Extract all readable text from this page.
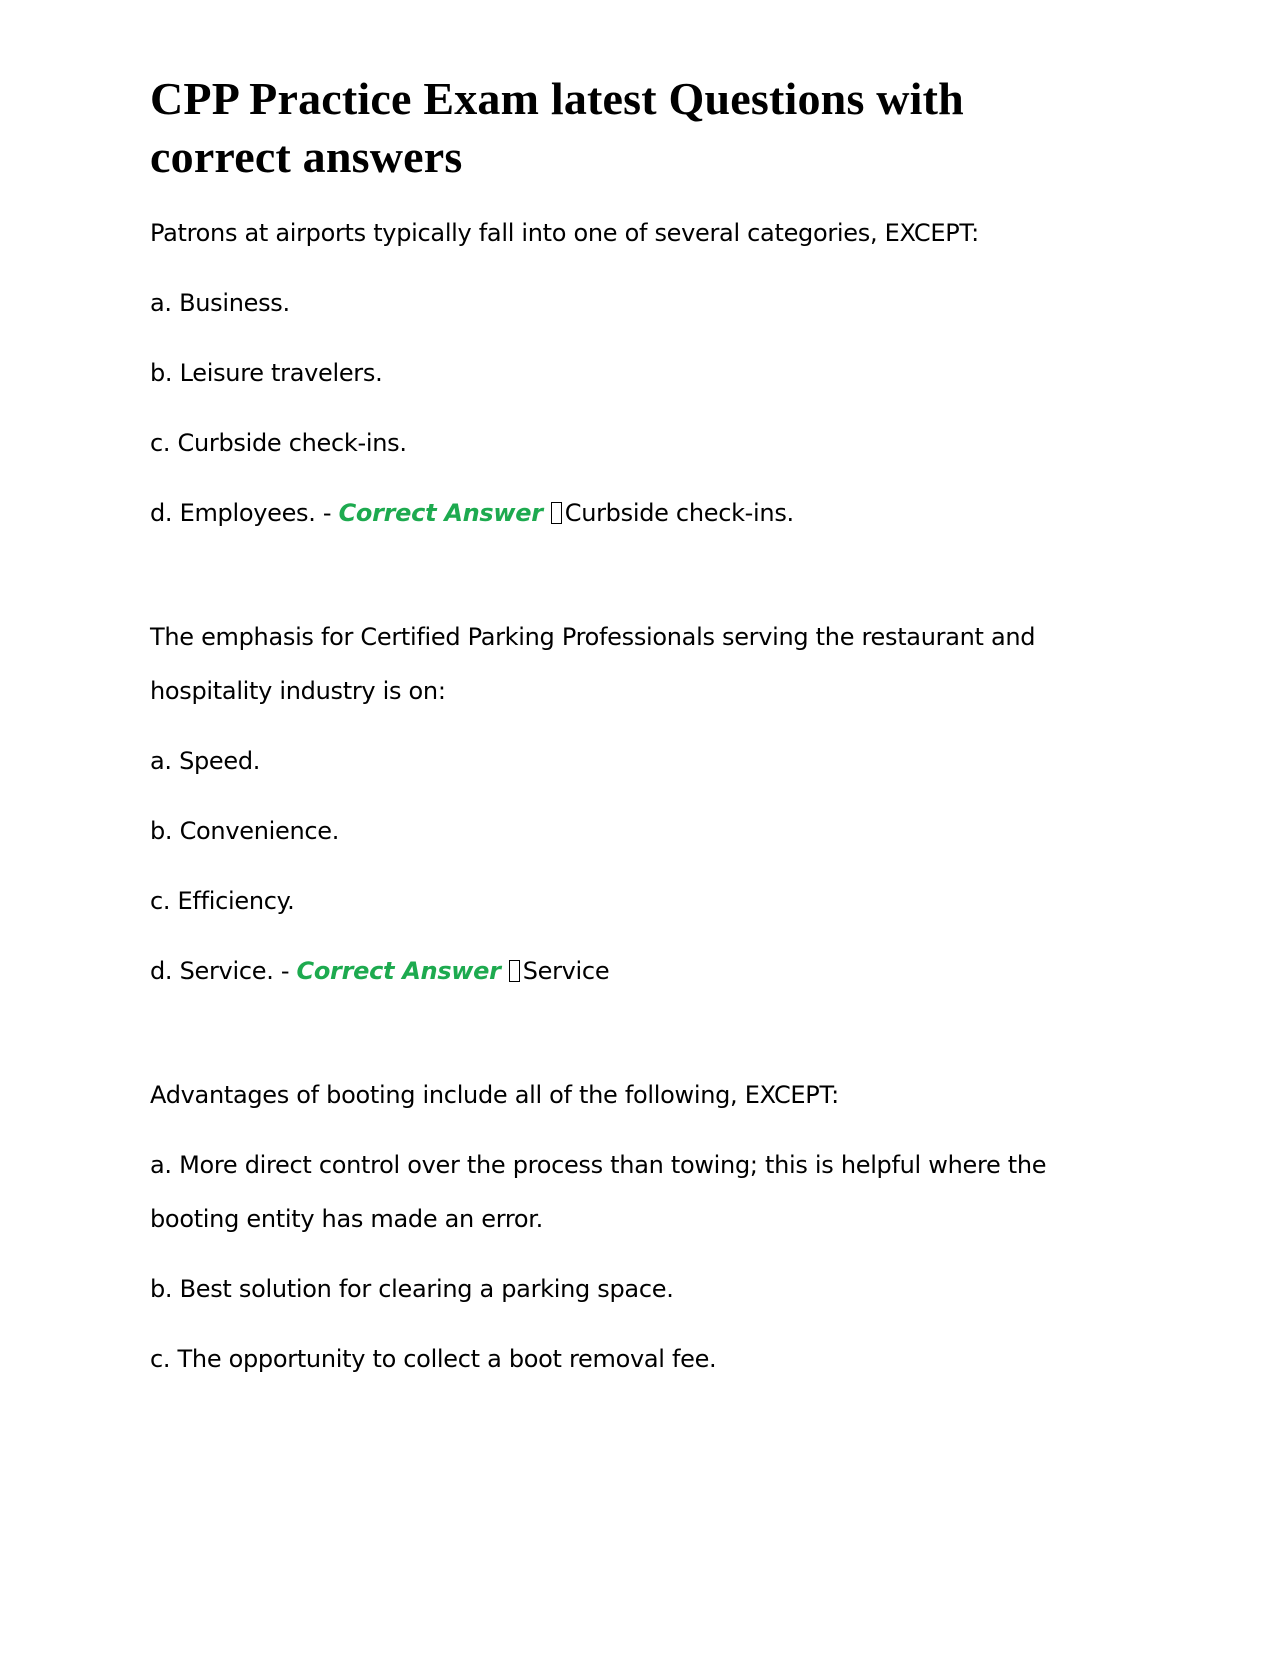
CPP Practice Exam latest Questions with correct answers

Patrons at airports typically fall into one of several categories, EXCEPT:

a. Business.

b. Leisure travelers.

c. Curbside check-ins.

d. Employees. - Correct Answer Curbside check-ins.

The emphasis for Certified Parking Professionals serving the restaurant and hospitality industry is on:

a. Speed.

b. Convenience.

c. Efficiency.

d. Service. - Correct Answer Service

Advantages of booting include all of the following, EXCEPT:

a. More direct control over the process than towing; this is helpful where the booting entity has made an error.

b. Best solution for clearing a parking space.

c. The opportunity to collect a boot removal fee.
